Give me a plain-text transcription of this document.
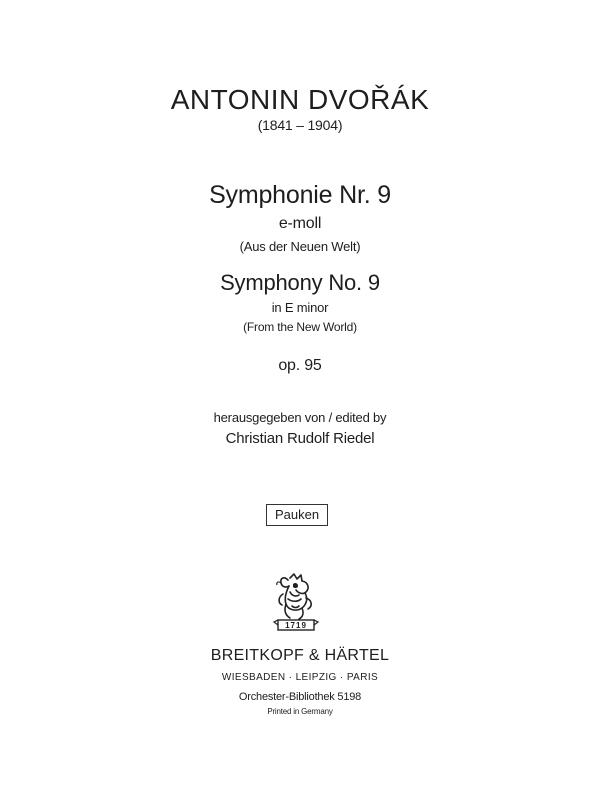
ANTONIN DVOŘÁK
(1841 – 1904)
Symphonie Nr. 9
e-moll
(Aus der Neuen Welt)
Symphony No. 9
in E minor
(From the New World)
op. 95
herausgegeben von / edited by
Christian Rudolf Riedel
Pauken
1719
BREITKOPF & HÄRTEL
WIESBADEN · LEIPZIG · PARIS
Orchester-Bibliothek 5198
Printed in Germany
